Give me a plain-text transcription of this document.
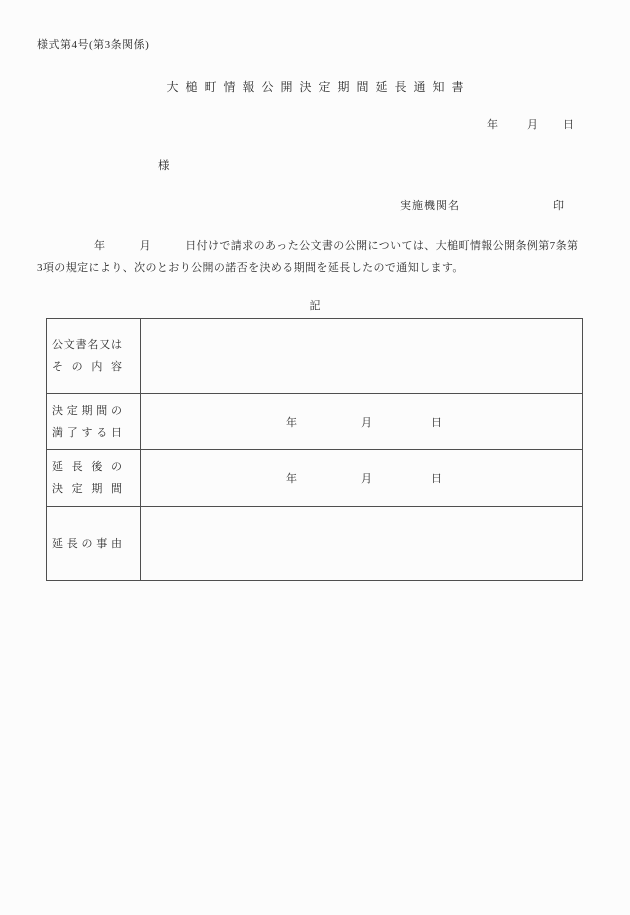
様式第4号(第3条関係)
大槌町情報公開決定期間延長通知書
年	月 日
様
実施機関名	印
　　　　　年　　　月　　　日付けで請求のあった公文書の公開については、大槌町情報公開条例第7条第
3項の規定により、次のとおり公開の諾否を決める期間を延長したので通知します。
記
公文書名又は
その内容
決定期間の
満了する日
年	月	日
延長後の
決定期間
年	月	日
延長の事由
